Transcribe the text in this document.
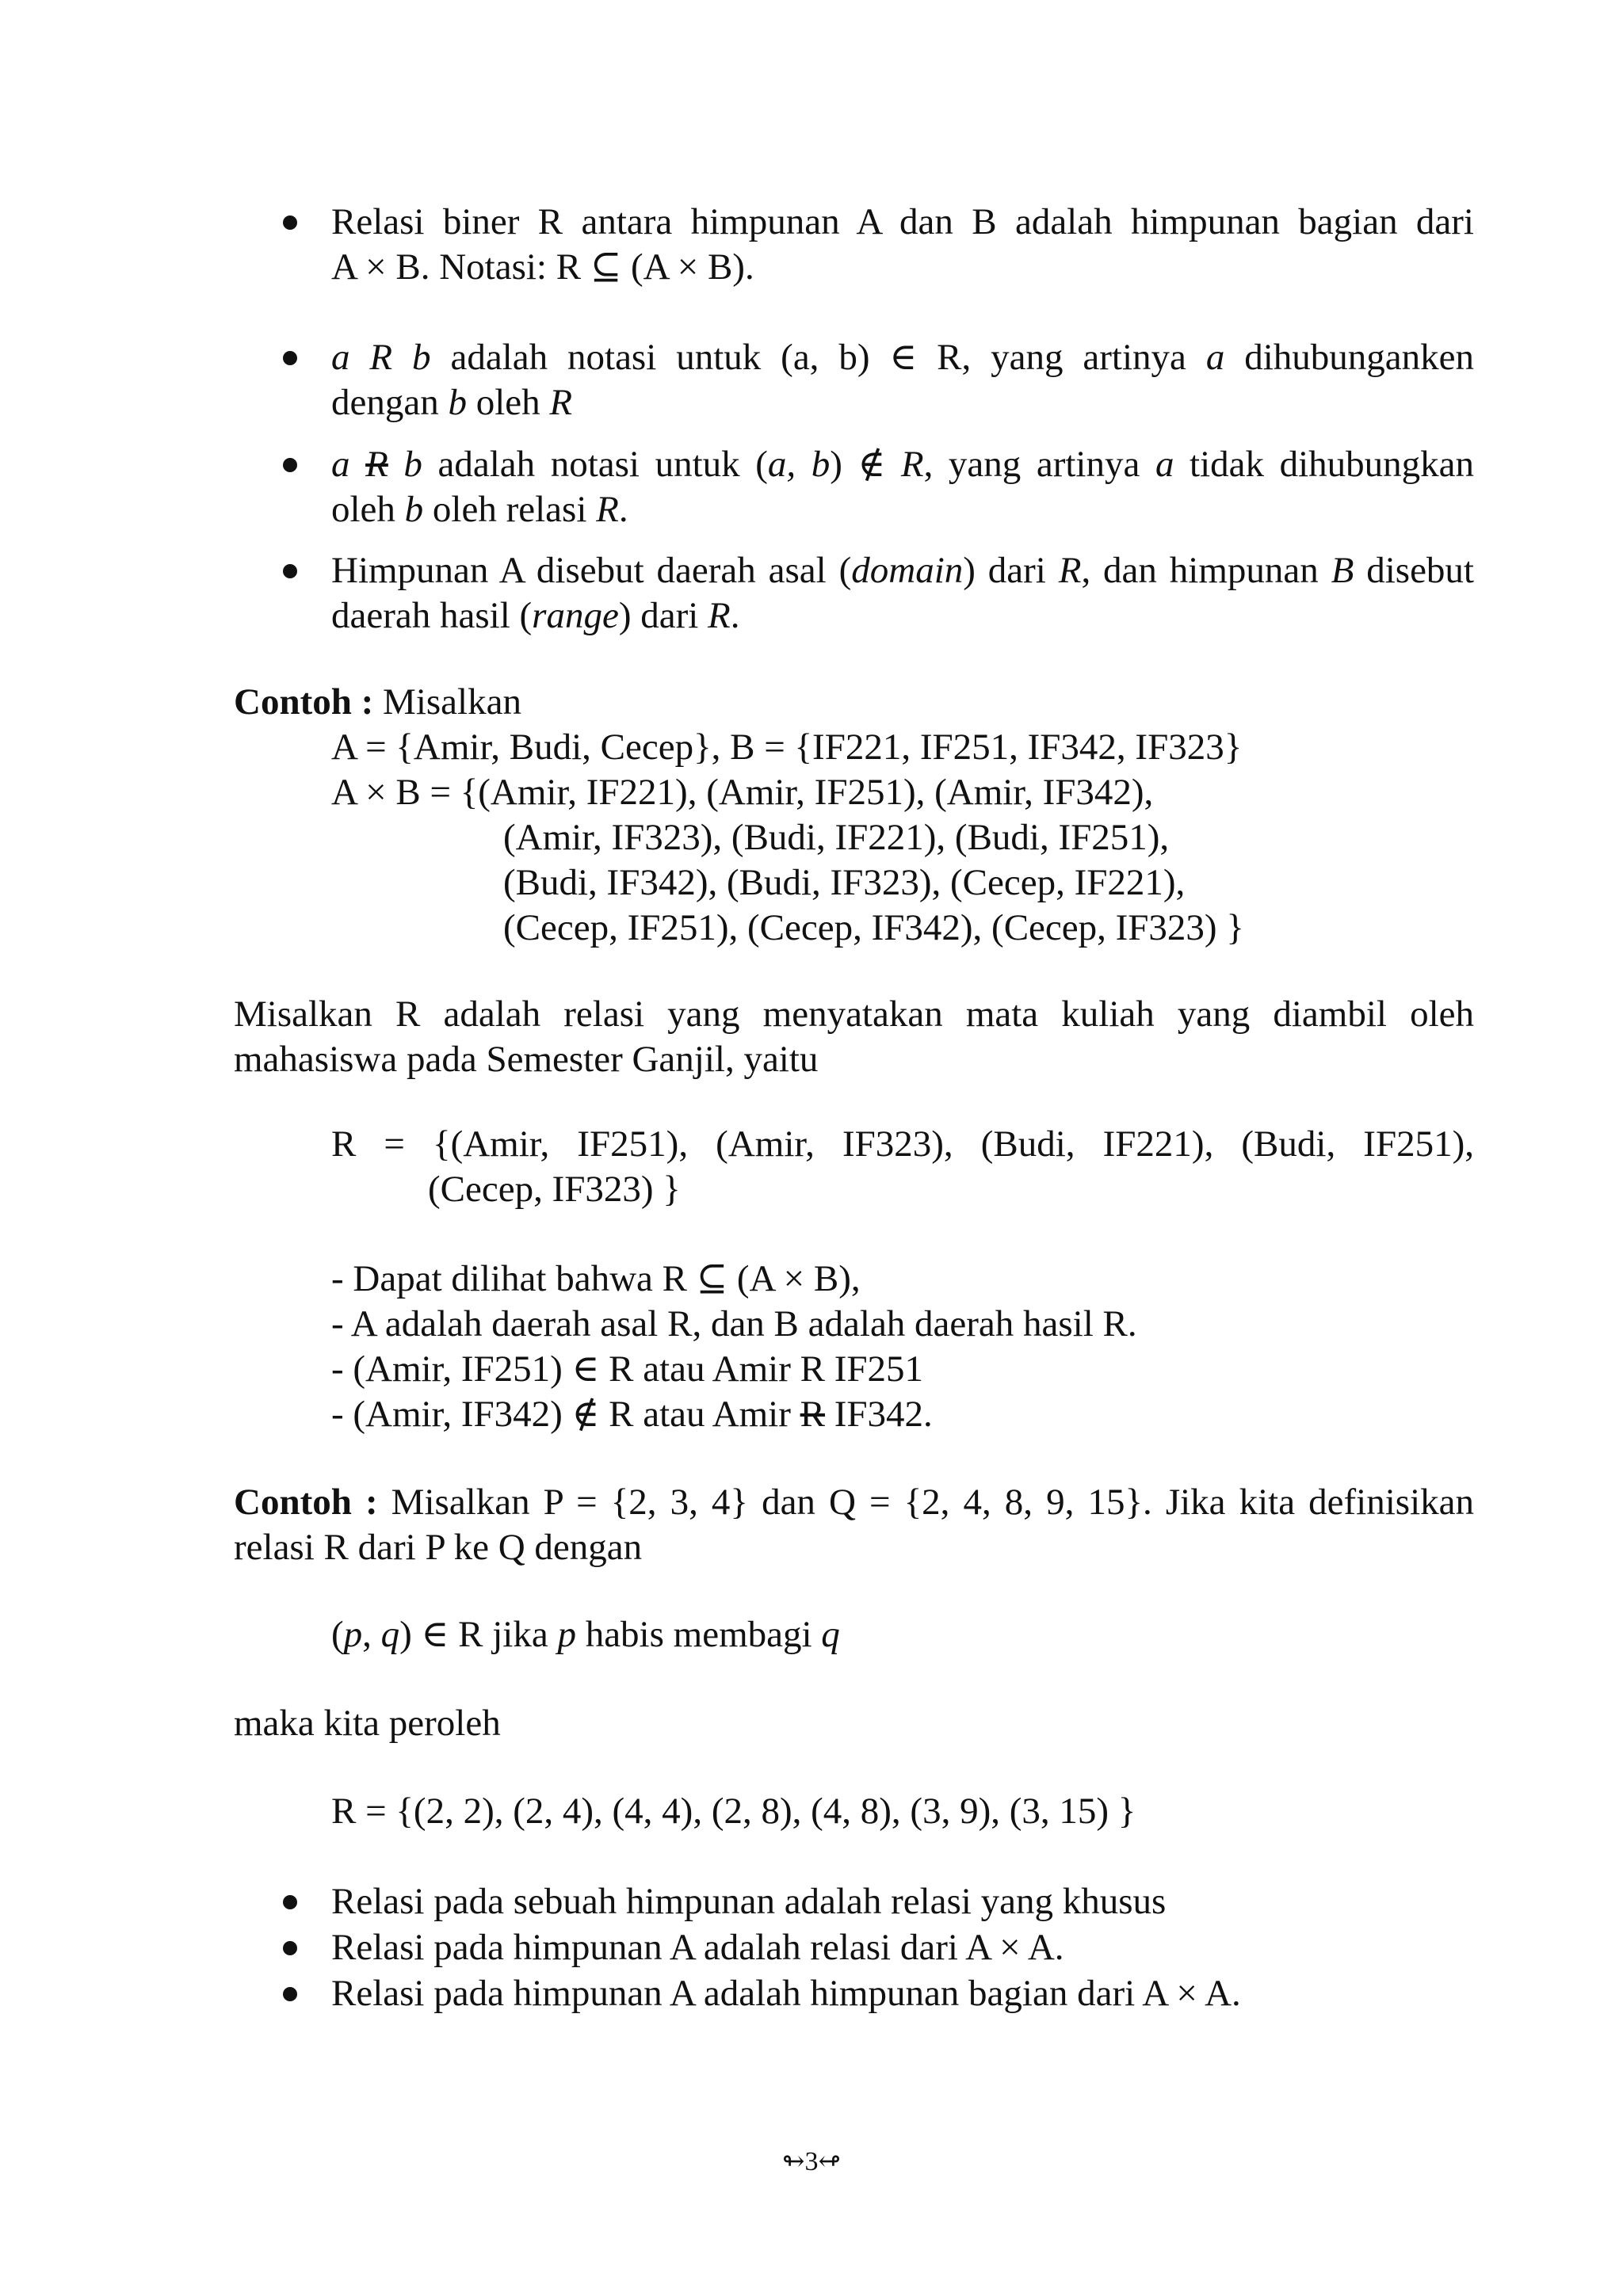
Relasi biner R antara himpunan A dan B adalah himpunan bagian dari
A × B. Notasi: R ⊆ (A × B).
a R b adalah notasi untuk (a, b) ∈ R, yang artinya a dihubunganken
dengan b oleh R
a R b adalah notasi untuk (a, b) ∉ R, yang artinya a tidak dihubungkan
oleh b oleh relasi R.
Himpunan A disebut daerah asal (domain) dari R, dan himpunan B disebut
daerah hasil (range) dari R.
Contoh : Misalkan
A = {Amir, Budi, Cecep}, B = {IF221, IF251, IF342, IF323}
A × B = {(Amir, IF221), (Amir, IF251), (Amir, IF342),
(Amir, IF323), (Budi, IF221), (Budi, IF251),
(Budi, IF342), (Budi, IF323), (Cecep, IF221),
(Cecep, IF251), (Cecep, IF342), (Cecep, IF323) }
Misalkan R adalah relasi yang menyatakan mata kuliah yang diambil oleh
mahasiswa pada Semester Ganjil, yaitu
R = {(Amir, IF251), (Amir, IF323), (Budi, IF221), (Budi, IF251),
(Cecep, IF323) }
- Dapat dilihat bahwa R ⊆ (A × B),
- A adalah daerah asal R, dan B adalah daerah hasil R.
- (Amir, IF251) ∈ R atau Amir R IF251
- (Amir, IF342) ∉ R atau Amir R IF342.
Contoh : Misalkan P = {2, 3, 4} dan Q = {2, 4, 8, 9, 15}. Jika kita definisikan
relasi R dari P ke Q dengan
(p, q) ∈ R jika p habis membagi q
maka kita peroleh
R = {(2, 2), (2, 4), (4, 4), (2, 8), (4, 8), (3, 9), (3, 15) }
Relasi pada sebuah himpunan adalah relasi yang khusus
Relasi pada himpunan A adalah relasi dari A × A.
Relasi pada himpunan A adalah himpunan bagian dari A × A.
↬3↫
